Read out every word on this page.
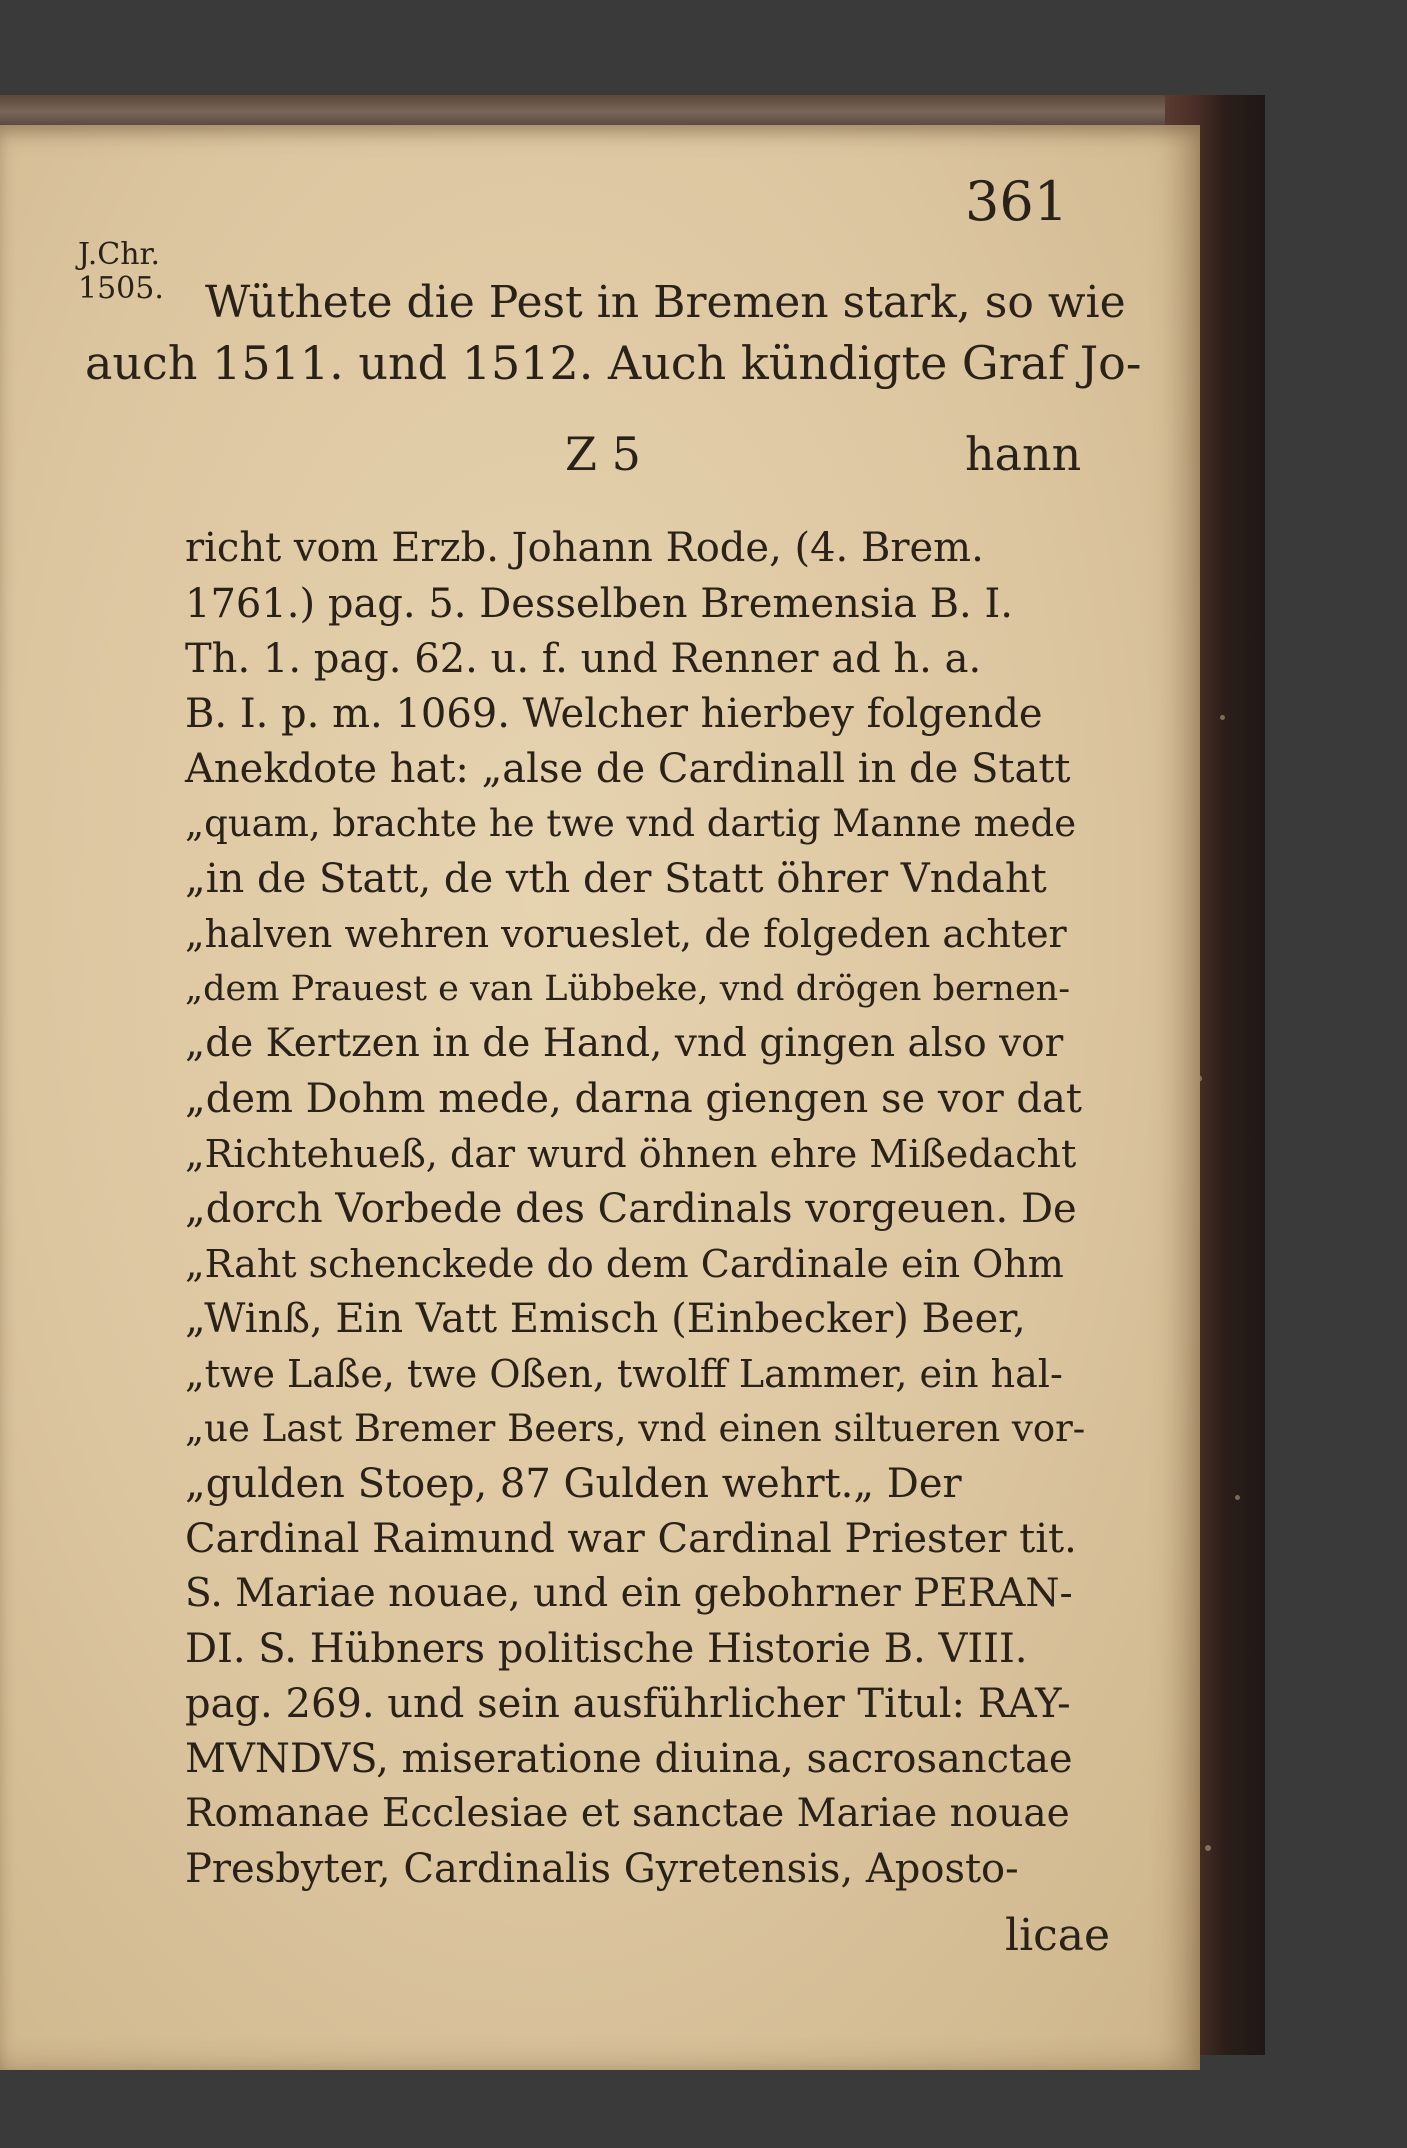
361
J.Chr.
1505. Wüthete die Pest in Bremen stark, so wie
auch 1511. und 1512. Auch kündigte Graf Jo-
Z 5	hann
richt vom Erzb. Johann Rode, (4. Brem.
1761.) pag. 5. Desselben Bremensia B. I.
Th. 1. pag. 62. u. f. und Renner ad h. a.
B. I. p. m. 1069. Welcher hierbey folgende
Anekdote hat: „alse de Cardinall in de Statt
„quam, brachte he twe vnd dartig Manne mede
„in de Statt, de vth der Statt öhrer Vndaht
„halven wehren vorueslet, de folgeden achter
„dem Prauest e van Lübbeke, vnd drögen bernen-
„de Kertzen in de Hand, vnd gingen also vor
„dem Dohm mede, darna giengen se vor dat
„Richtehueß, dar wurd öhnen ehre Mißedacht
„dorch Vorbede des Cardinals vorgeuen. De
„Raht schenckede do dem Cardinale ein Ohm
„Winß, Ein Vatt Emisch (Einbecker) Beer,
„twe Laße, twe Oßen, twolff Lammer, ein hal-
„ue Last Bremer Beers, vnd einen siltueren vor-
„gulden Stoep, 87 Gulden wehrt.„ Der
Cardinal Raimund war Cardinal Priester tit.
S. Mariae nouae, und ein gebohrner PERAN-
DI. S. Hübners politische Historie B. VIII.
pag. 269. und sein ausführlicher Titul: RAY-
MVNDVS, miseratione diuina, sacrosanctae
Romanae Ecclesiae et sanctae Mariae nouae
Presbyter, Cardinalis Gyretensis, Aposto-
licae
